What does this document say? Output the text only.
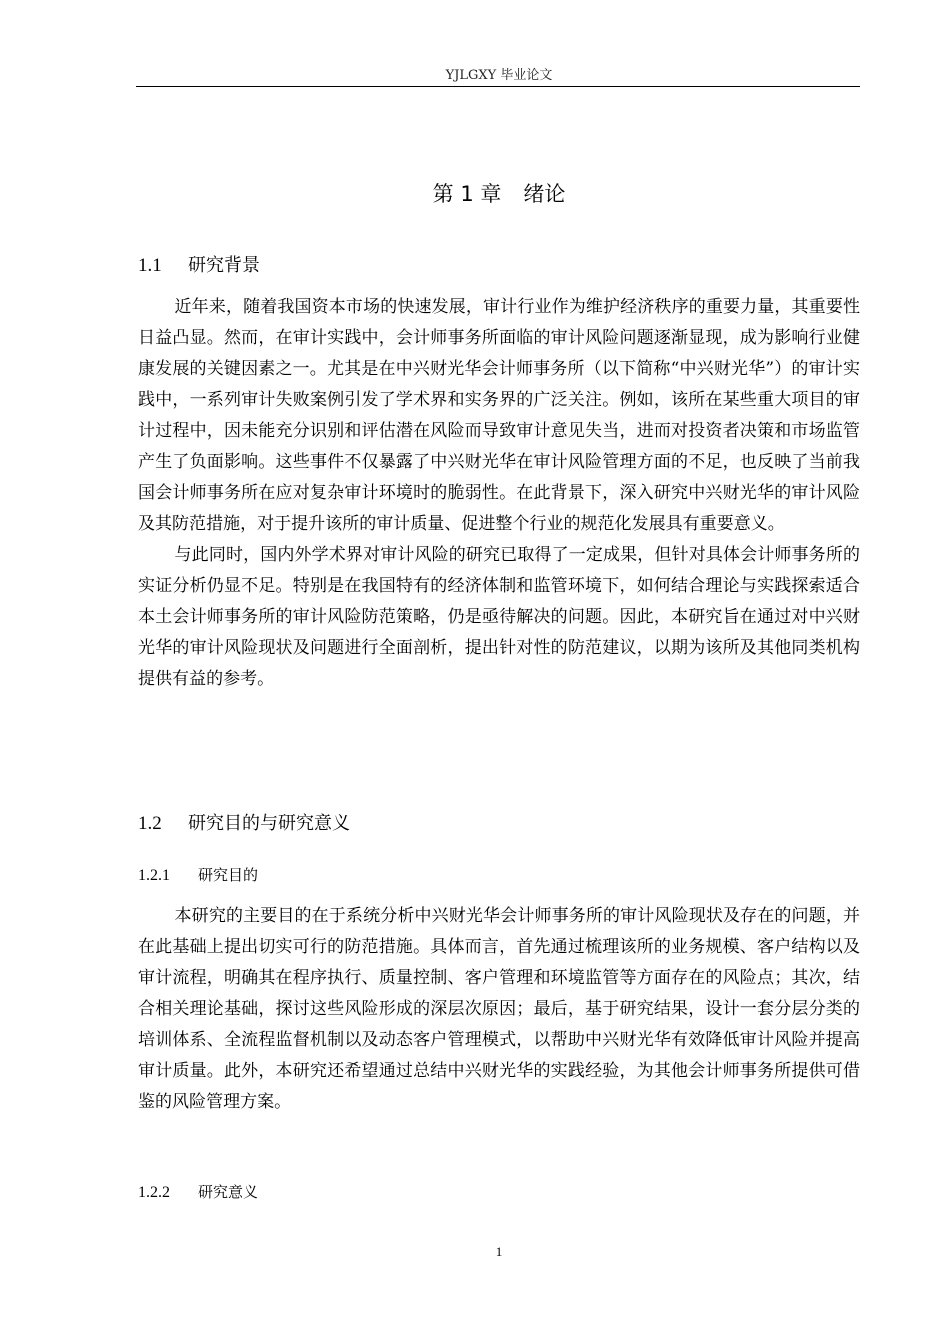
YJLGXY 毕业论文
第 1 章 绪论
1.1 研究背景

近年来，随着我国资本市场的快速发展，审计行业作为维护经济秩序的重要力量，其重要性日益凸显。然而，在审计实践中，会计师事务所面临的审计风险问题逐渐显现，成为影响行业健康发展的关键因素之一。尤其是在中兴财光华会计师事务所（以下简称“中兴财光华”）的审计实践中，一系列审计失败案例引发了学术界和实务界的广泛关注。例如，该所在某些重大项目的审计过程中，因未能充分识别和评估潜在风险而导致审计意见失当，进而对投资者决策和市场监管产生了负面影响。这些事件不仅暴露了中兴财光华在审计风险管理方面的不足，也反映了当前我国会计师事务所在应对复杂审计环境时的脆弱性。在此背景下，深入研究中兴财光华的审计风险及其防范措施，对于提升该所的审计质量、促进整个行业的规范化发展具有重要意义。

与此同时，国内外学术界对审计风险的研究已取得了一定成果，但针对具体会计师事务所的实证分析仍显不足。特别是在我国特有的经济体制和监管环境下，如何结合理论与实践探索适合本土会计师事务所的审计风险防范策略，仍是亟待解决的问题。因此，本研究旨在通过对中兴财光华的审计风险现状及问题进行全面剖析，提出针对性的防范建议，以期为该所及其他同类机构提供有益的参考。

1.2 研究目的与研究意义
1.2.1 研究目的

本研究的主要目的在于系统分析中兴财光华会计师事务所的审计风险现状及存在的问题，并在此基础上提出切实可行的防范措施。具体而言，首先通过梳理该所的业务规模、客户结构以及审计流程，明确其在程序执行、质量控制、客户管理和环境监管等方面存在的风险点；其次，结合相关理论基础，探讨这些风险形成的深层次原因；最后，基于研究结果，设计一套分层分类的培训体系、全流程监督机制以及动态客户管理模式，以帮助中兴财光华有效降低审计风险并提高审计质量。此外，本研究还希望通过总结中兴财光华的实践经验，为其他会计师事务所提供可借鉴的风险管理方案。

1.2.2 研究意义
1
